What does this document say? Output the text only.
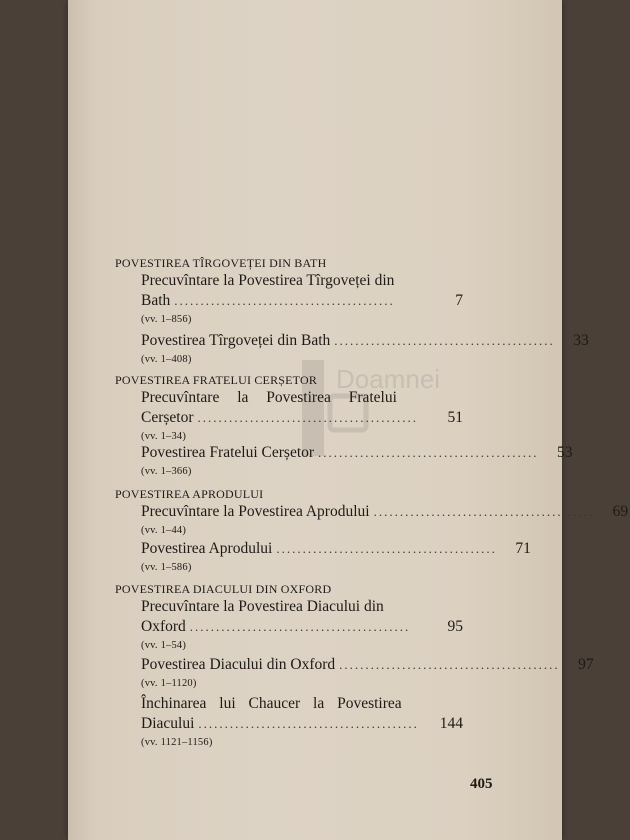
Doamnei
POVESTIREA TÎRGOVEȚEI DIN BATH
Precuvîntare la Povestirea Tîrgoveței din
Bath ..........................................	7
(vv. 1–856)
Povestirea Tîrgoveței din Bath ..........................................	33
(vv. 1–408)
POVESTIREA FRATELUI CERȘETOR
Precuvîntare la Povestirea Fratelui
Cerșetor ..........................................	51
(vv. 1–34)
Povestirea Fratelui Cerșetor ..........................................	53
(vv. 1–366)
POVESTIREA APRODULUI
Precuvîntare la Povestirea Aprodului ..........................................	69
(vv. 1–44)
Povestirea Aprodului ..........................................	71
(vv. 1–586)
POVESTIREA DIACULUI DIN OXFORD
Precuvîntare la Povestirea Diacului din
Oxford ..........................................	95
(vv. 1–54)
Povestirea Diacului din Oxford ..........................................	97
(vv. 1–1120)
Închinarea lui Chaucer la Povestirea
Diacului ..........................................	144
(vv. 1121–1156)
405
